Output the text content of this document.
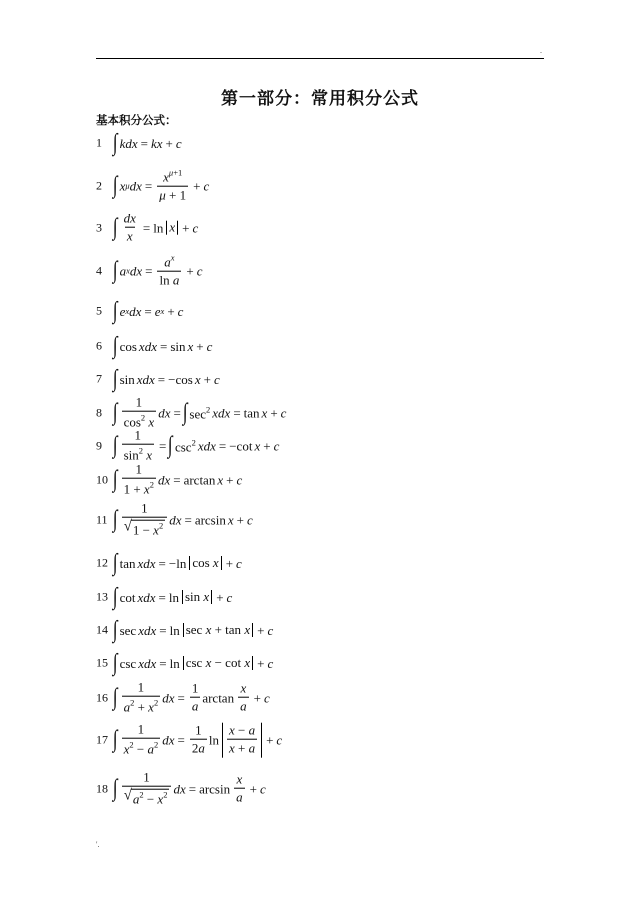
.
第一部分：常用积分公式
基本积分公式：
1 ∫ kdx = kx + c
2 ∫ x μ dx = $\frac{x^{\mu+1}}{\mu + 1} + c$
3 ∫ $\frac{dx}{x} = \ln x + c$
4 ∫ a x dx = $\frac{a^x}{\text{ln a}} + c$
5 ∫ e x dx = e x + c
6 ∫ cos xdx = sin x + c
7 ∫ sin xdx = − cos x + c
8 ∫ $\frac{1}{\cos^2 x}$ dx = ∫ $\sec^2$ xdx = tan x + c
9 ∫ $\frac{1}{\sin^2 x}$ = ∫ $\csc^2$ xdx = − cot x + c
10 ∫ $\frac{1}{1 + x^2}$ dx = arctan x + c
11 ∫ $\frac{1}{√ 1 - x^2}$ dx = arcsin x + c
12 ∫ tan xdx = − ln cos x + c
13 ∫ cot xdx = ln sin x + c
14 ∫ sec xdx = ln sec x + tan x + c
15 ∫ csc xdx = ln csc x − cot x + c
16 ∫ $\frac{1}{a^2 + x^2}$ dx = $\frac{1}{a}$ $\arctan \frac{x}{a} + c$
17 ∫ $\frac{1}{x^2 - a^2}$ dx = $\frac{1}{2a}$ $\ln \frac{x - a}{x + a} + c$
18 ∫ $\frac{1}{√ a^2 - x^2}$ dx = $\arcsin \frac{x}{a} + c$
'.
